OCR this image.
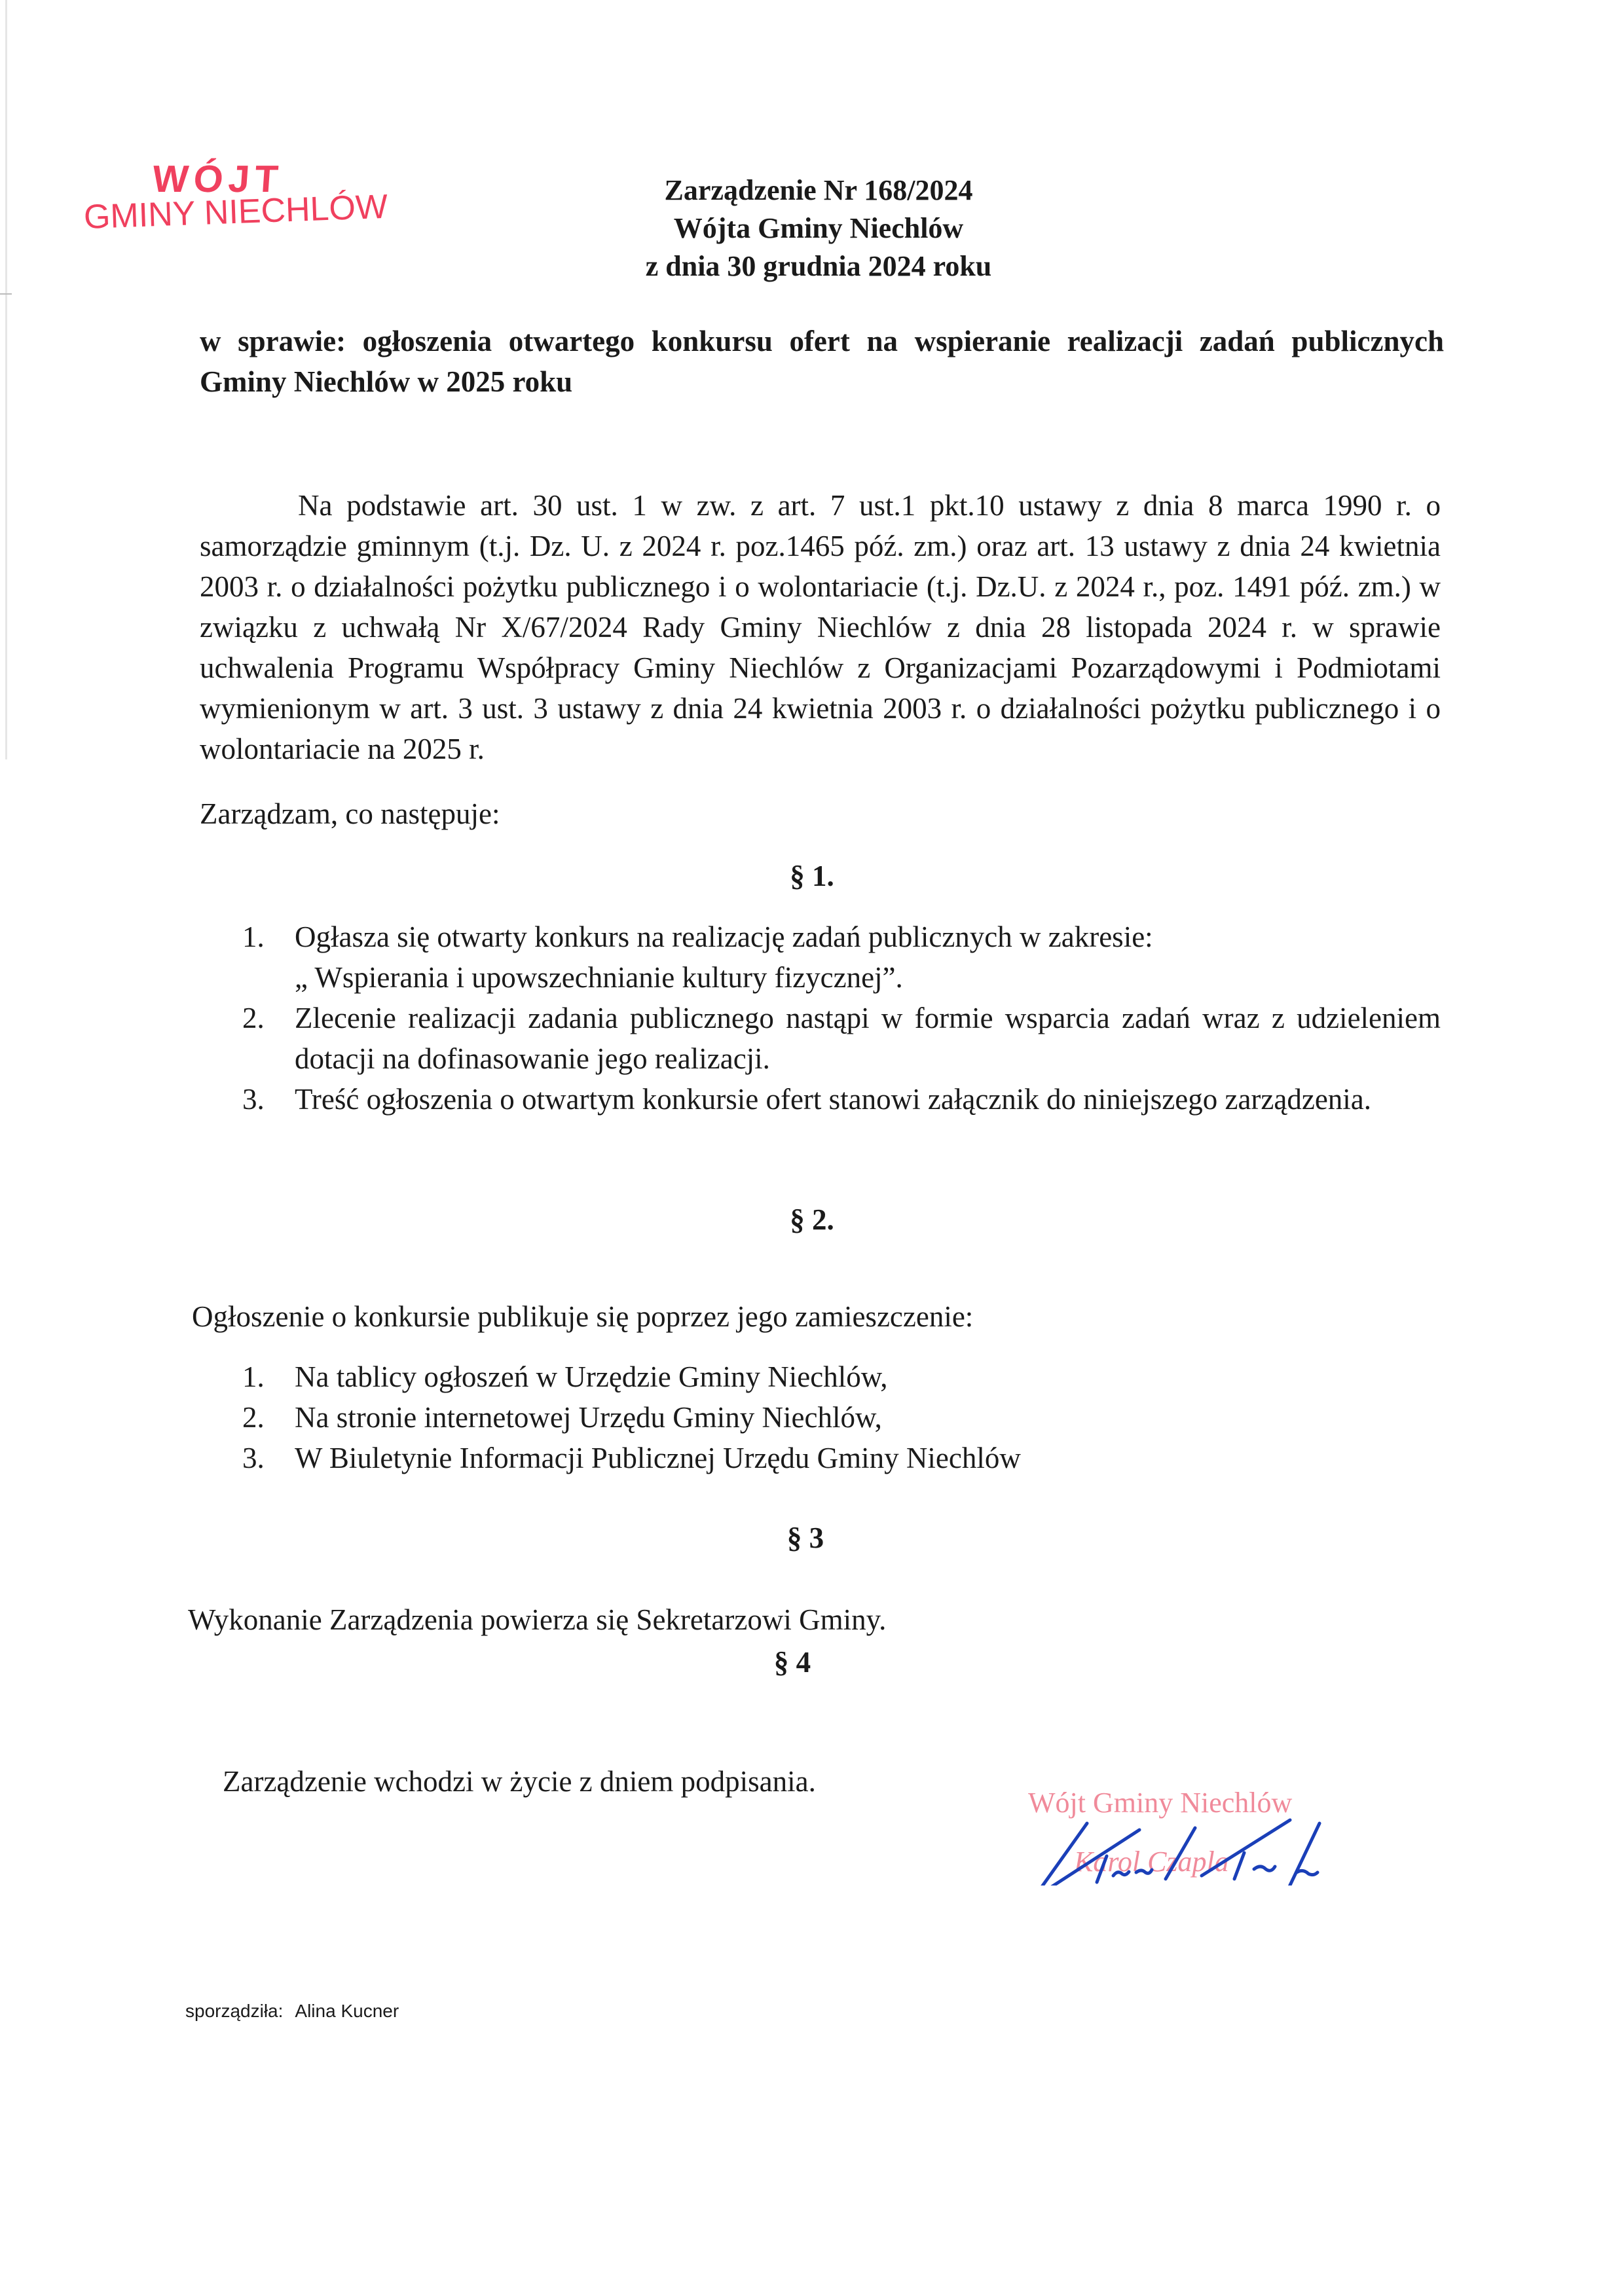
WÓJT
GMINY NIECHLÓW	Zarządzenie Nr 168/2024
Wójta Gminy Niechlów
z dnia 30 grudnia 2024 roku
w sprawie: ogłoszenia otwartego konkursu ofert na wspieranie realizacji zadań publicznych Gminy Niechlów w 2025 roku
Na podstawie art. 30 ust. 1 w zw. z art. 7 ust.1 pkt.10 ustawy z dnia 8 marca 1990 r. o samorządzie gminnym (t.j. Dz. U. z 2024 r. poz.1465 póź. zm.) oraz art. 13 ustawy z dnia 24 kwietnia 2003 r. o działalności pożytku publicznego i o wolontariacie (t.j. Dz.U. z 2024 r., poz. 1491 póź. zm.) w związku z uchwałą Nr X/67/2024 Rady Gminy Niechlów z dnia 28 listopada 2024 r. w sprawie uchwalenia Programu Współpracy Gminy Niechlów z Organizacjami Pozarządowymi i Podmiotami wymienionym w art. 3 ust. 3 ustawy z dnia 24 kwietnia 2003 r. o działalności pożytku publicznego i o wolontariacie na 2025 r.
Zarządzam, co następuje:
§ 1.
1. Ogłasza się otwarty konkurs na realizację zadań publicznych w zakresie:
„ Wspierania i upowszechnianie kultury fizycznej”.
2. Zlecenie realizacji zadania publicznego nastąpi w formie wsparcia zadań wraz z udzieleniem dotacji na dofinasowanie jego realizacji.
3. Treść ogłoszenia o otwartym konkursie ofert stanowi załącznik do niniejszego zarządzenia.
§ 2.
Ogłoszenie o konkursie publikuje się poprzez jego zamieszczenie:
1. Na tablicy ogłoszeń w Urzędzie Gminy Niechlów,
2. Na stronie internetowej Urzędu Gminy Niechlów,
3. W Biuletynie Informacji Publicznej Urzędu Gminy Niechlów
§ 3
Wykonanie Zarządzenia powierza się Sekretarzowi Gminy.
§ 4
Zarządzenie wchodzi w życie z dniem podpisania.
Wójt Gminy Niechlów
Karol Czapla
sporządziła: Alina Kucner
